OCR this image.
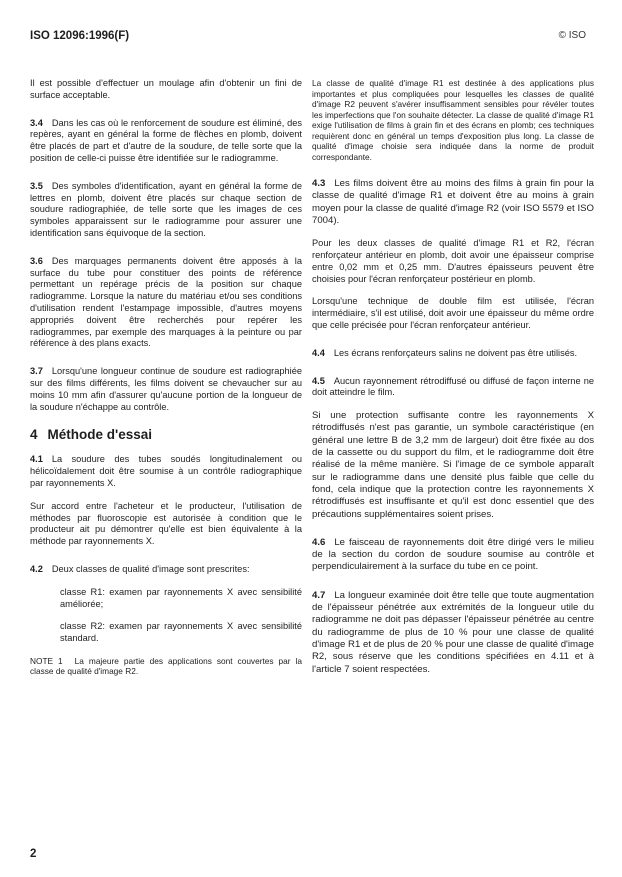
ISO 12096:1996(F)	© ISO

Il est possible d'effectuer un moulage afin d'obtenir un fini de surface acceptable.

3.4 Dans les cas où le renforcement de soudure est éliminé, des repères, ayant en général la forme de flèches en plomb, doivent être placés de part et d'autre de la soudure, de telle sorte que la position de celle-ci puisse être identifiée sur le radiogramme.

3.5 Des symboles d'identification, ayant en général la forme de lettres en plomb, doivent être placés sur chaque section de soudure radiographiée, de telle sorte que les images de ces symboles apparaissent sur le radiogramme pour assurer une identification sans équivoque de la section.

3.6 Des marquages permanents doivent être apposés à la surface du tube pour constituer des points de référence permettant un repérage précis de la position sur chaque radiogramme. Lorsque la nature du matériau et/ou ses conditions d'utilisation rendent l'estampage impossible, d'autres moyens appropriés doivent être recherchés pour repérer les radiogrammes, par exemple des marquages à la peinture ou par référence à des plans exacts.

3.7 Lorsqu'une longueur continue de soudure est radiographiée sur des films différents, les films doivent se chevaucher sur au moins 10 mm afin d'assurer qu'aucune portion de la longueur de la soudure n'échappe au contrôle.

4 Méthode d'essai

4.1 La soudure des tubes soudés longitudinalement ou hélicoïdalement doit être soumise à un contrôle radiographique par rayonnements X.

Sur accord entre l'acheteur et le producteur, l'utilisation de méthodes par fluoroscopie est autorisée à condition que le producteur ait pu démontrer qu'elle est bien équivalente à la méthode par rayonnements X.

4.2 Deux classes de qualité d'image sont prescrites:

classe R1: examen par rayonnements X avec sensibilité améliorée;

classe R2: examen par rayonnements X avec sensibilité standard.

NOTE 1 La majeure partie des applications sont couvertes par la classe de qualité d'image R2.

La classe de qualité d'image R1 est destinée à des applications plus importantes et plus compliquées pour lesquelles les classes de qualité d'image R2 peuvent s'avérer insuffisamment sensibles pour révéler toutes les imperfections que l'on souhaite détecter. La classe de qualité d'image R1 exige l'utilisation de films à grain fin et des écrans en plomb; ces techniques requièrent donc en général un temps d'exposition plus long. La classe de qualité d'image choisie sera indiquée dans la norme de produit correspondante.

4.3 Les films doivent être au moins des films à grain fin pour la classe de qualité d'image R1 et doivent être au moins à grain moyen pour la classe de qualité d'image R2 (voir ISO 5579 et ISO 7004).

Pour les deux classes de qualité d'image R1 et R2, l'écran renforçateur antérieur en plomb, doit avoir une épaisseur comprise entre 0,02 mm et 0,25 mm. D'autres épaisseurs peuvent être choisies pour l'écran renforçateur postérieur en plomb.

Lorsqu'une technique de double film est utilisée, l'écran intermédiaire, s'il est utilisé, doit avoir une épaisseur du même ordre que celle précisée pour l'écran renforçateur antérieur.

4.4 Les écrans renforçateurs salins ne doivent pas être utilisés.

4.5 Aucun rayonnement rétrodiffusé ou diffusé de façon interne ne doit atteindre le film.

Si une protection suffisante contre les rayonnements X rétrodiffusés n'est pas garantie, un symbole caractéristique (en général une lettre B de 3,2 mm de largeur) doit être fixée au dos de la cassette ou du support du film, et le radiogramme doit être réalisé de la même manière. Si l'image de ce symbole apparaît sur le radiogramme dans une densité plus faible que celle du fond, cela indique que la protection contre les rayonnements X rétrodiffusés est insuffisante et qu'il est donc essentiel que des précautions supplémentaires soient prises.

4.6 Le faisceau de rayonnements doit être dirigé vers le milieu de la section du cordon de soudure soumise au contrôle et perpendiculairement à la surface du tube en ce point.

4.7 La longueur examinée doit être telle que toute augmentation de l'épaisseur pénétrée aux extrémités de la longueur utile du radiogramme ne doit pas dépasser l'épaisseur pénétrée au centre du radiogramme de plus de 10 % pour une classe de qualité d'image R1 et de plus de 20 % pour une classe de qualité d'image R2, sous réserve que les conditions spécifiées en 4.11 et à l'article 7 soient respectées.

2
